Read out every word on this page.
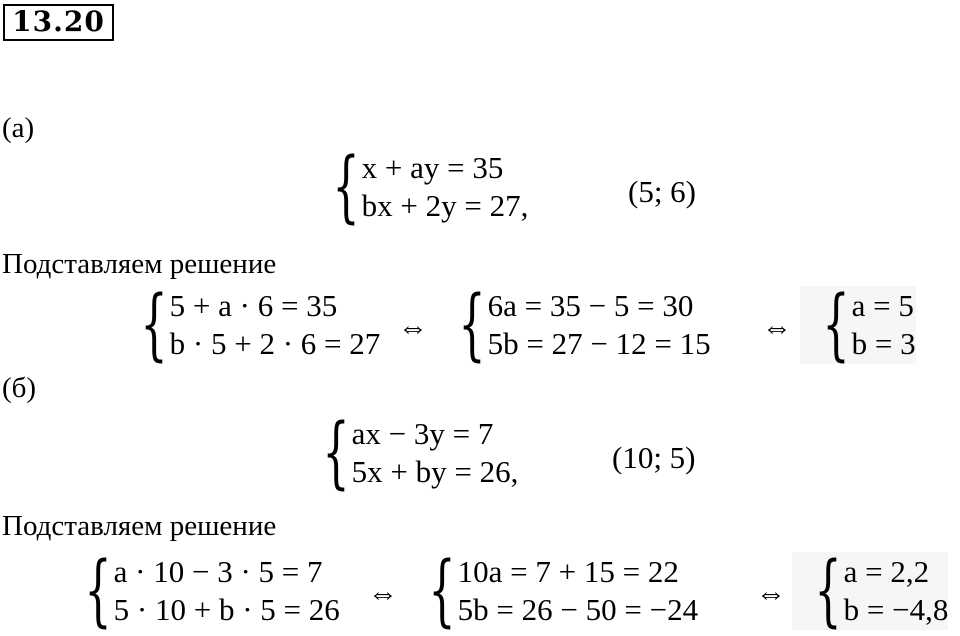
13.20
(а)
{ x + ay = 35
bx + 2y = 27,	(5; 6)
Подставляем решение
{ 5 + a · 6 = 35
b · 5 + 2 · 6 = 27 ⇔ { 6a = 35 − 5 = 30
5b = 27 − 12 = 15 ⇔ { a = 5
b = 3
(б)
{ ax − 3y = 7
5x + by = 26,	(10; 5)
Подставляем решение
{ a · 10 − 3 · 5 = 7
5 · 10 + b · 5 = 26 ⇔ { 10a = 7 + 15 = 22
5b = 26 − 50 = −24 ⇔ { a = 2,2
b = −4,8
